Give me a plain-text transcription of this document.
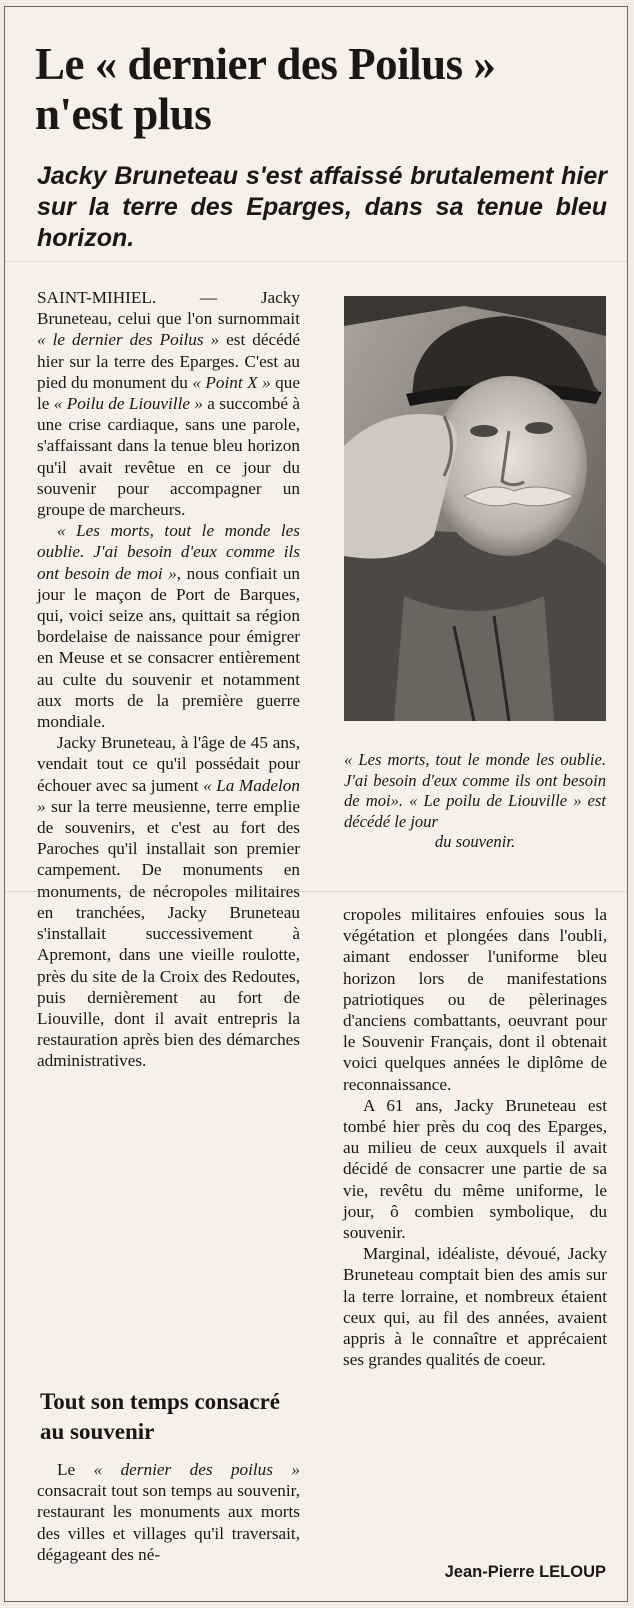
Le « dernier des Poilus »
n'est plus

Jacky Bruneteau s'est affaissé brutalement hier sur la terre des Eparges, dans sa tenue bleu horizon.

SAINT-MIHIEL. — Jacky Bruneteau, celui que l'on surnommait « le dernier des Poilus » est décédé hier sur la terre des Eparges. C'est au pied du monument du « Point X » que le « Poilu de Liouville » a succombé à une crise cardiaque, sans une parole, s'affaissant dans la tenue bleu horizon qu'il avait revêtue en ce jour du souvenir pour accompagner un groupe de marcheurs.

« Les morts, tout le monde les oublie. J'ai besoin d'eux comme ils ont besoin de moi », nous confiait un jour le maçon de Port de Barques, qui, voici seize ans, quittait sa région bordelaise de naissance pour émigrer en Meuse et se consacrer entièrement au culte du souvenir et notamment aux morts de la première guerre mondiale.

Jacky Bruneteau, à l'âge de 45 ans, vendait tout ce qu'il possédait pour échouer avec sa jument « La Madelon » sur la terre meusienne, terre emplie de souvenirs, et c'est au fort des Paroches qu'il installait son premier campement. De monuments en monuments, de nécropoles militaires en tranchées, Jacky Bruneteau s'installait successivement à Apremont, dans une vieille roulotte, près du site de la Croix des Redoutes, puis dernièrement au fort de Liouville, dont il avait entrepris la restauration après bien des démarches administratives.

Tout son temps consacré au souvenir

Le « dernier des poilus » consacrait tout son temps au souvenir, restaurant les monuments aux morts des villes et villages qu'il traversait, dégageant des né-

« Les morts, tout le monde les oublie. J'ai besoin d'eux comme ils ont besoin de moi». « Le poilu de Liouville » est décédé le jour
du souvenir.

cropoles militaires enfouies sous la végétation et plongées dans l'oubli, aimant endosser l'uniforme bleu horizon lors de manifestations patriotiques ou de pèlerinages d'anciens combattants, oeuvrant pour le Souvenir Français, dont il obtenait voici quelques années le diplôme de reconnaissance.

A 61 ans, Jacky Bruneteau est tombé hier près du coq des Eparges, au milieu de ceux auxquels il avait décidé de consacrer une partie de sa vie, revêtu du même uniforme, le jour, ô combien symbolique, du souvenir.

Marginal, idéaliste, dévoué, Jacky Bruneteau comptait bien des amis sur la terre lorraine, et nombreux étaient ceux qui, au fil des années, avaient appris à le connaître et apprécaient ses grandes qualités de coeur.

Jean-Pierre LELOUP
